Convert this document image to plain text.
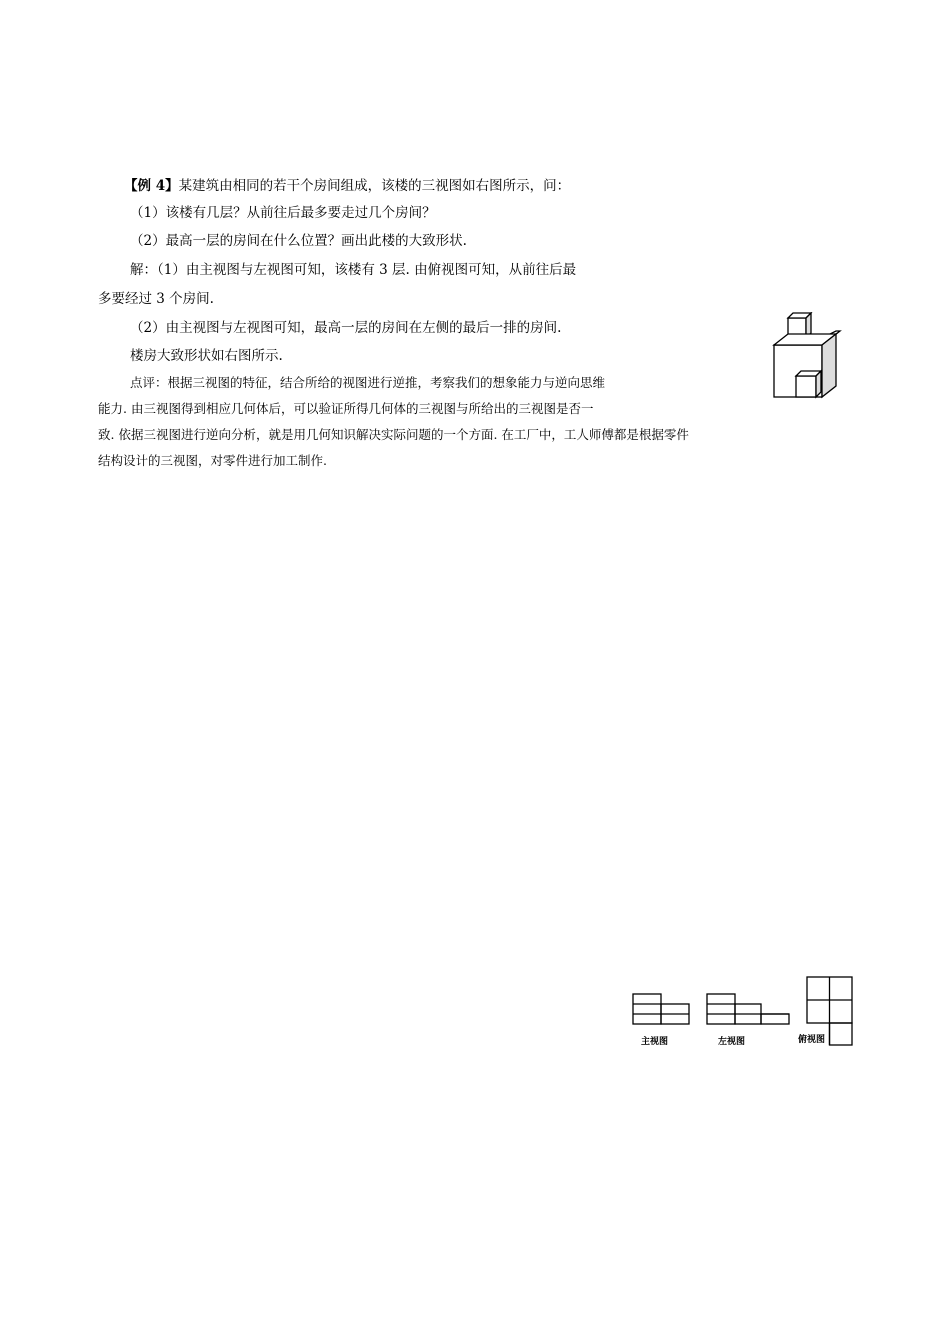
【例 4】某建筑由相同的若干个房间组成，该楼的三视图如右图所示，问：
（1）该楼有几层？从前往后最多要走过几个房间？
（2）最高一层的房间在什么位置？画出此楼的大致形状.
解：（1）由主视图与左视图可知，该楼有 3 层. 由俯视图可知，从前往后最
多要经过 3 个房间.
（2）由主视图与左视图可知，最高一层的房间在左侧的最后一排的房间.
楼房大致形状如右图所示.
点评：根据三视图的特征，结合所给的视图进行逆推，考察我们的想象能力与逆向思维
能力. 由三视图得到相应几何体后，可以验证所得几何体的三视图与所给出的三视图是否一
致. 依据三视图进行逆向分析，就是用几何知识解决实际问题的一个方面. 在工厂中，工人师傅都是根据零件
结构设计的三视图，对零件进行加工制作.
主视图	左视图	俯视图
